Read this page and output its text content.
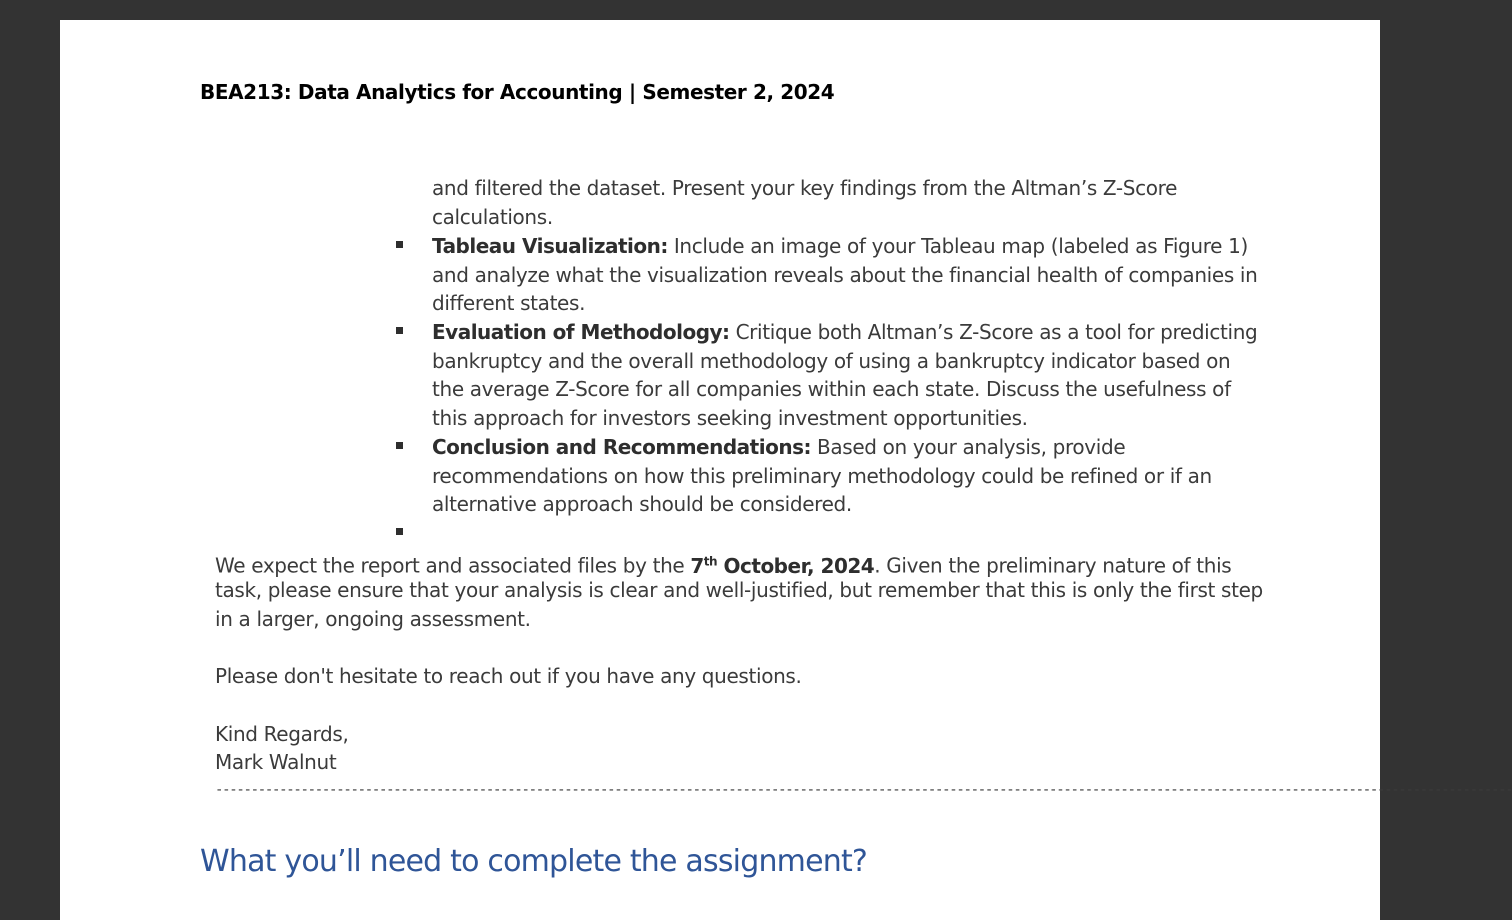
BEA213: Data Analytics for Accounting | Semester 2, 2024
and filtered the dataset. Present your key findings from the Altman’s Z-Score
calculations.
Tableau Visualization: Include an image of your Tableau map (labeled as Figure 1)
and analyze what the visualization reveals about the financial health of companies in
different states.
Evaluation of Methodology: Critique both Altman’s Z-Score as a tool for predicting
bankruptcy and the overall methodology of using a bankruptcy indicator based on
the average Z-Score for all companies within each state. Discuss the usefulness of
this approach for investors seeking investment opportunities.
Conclusion and Recommendations: Based on your analysis, provide
recommendations on how this preliminary methodology could be refined or if an
alternative approach should be considered.
We expect the report and associated files by the 7th October, 2024. Given the preliminary nature of this
task, please ensure that your analysis is clear and well-justified, but remember that this is only the first step
in a larger, ongoing assessment.
Please don't hesitate to reach out if you have any questions.
Kind Regards,
Mark Walnut
--------------------------------------------------------------------------------------------------------------------------------------------------------------------------------------
What you’ll need to complete the assignment?
